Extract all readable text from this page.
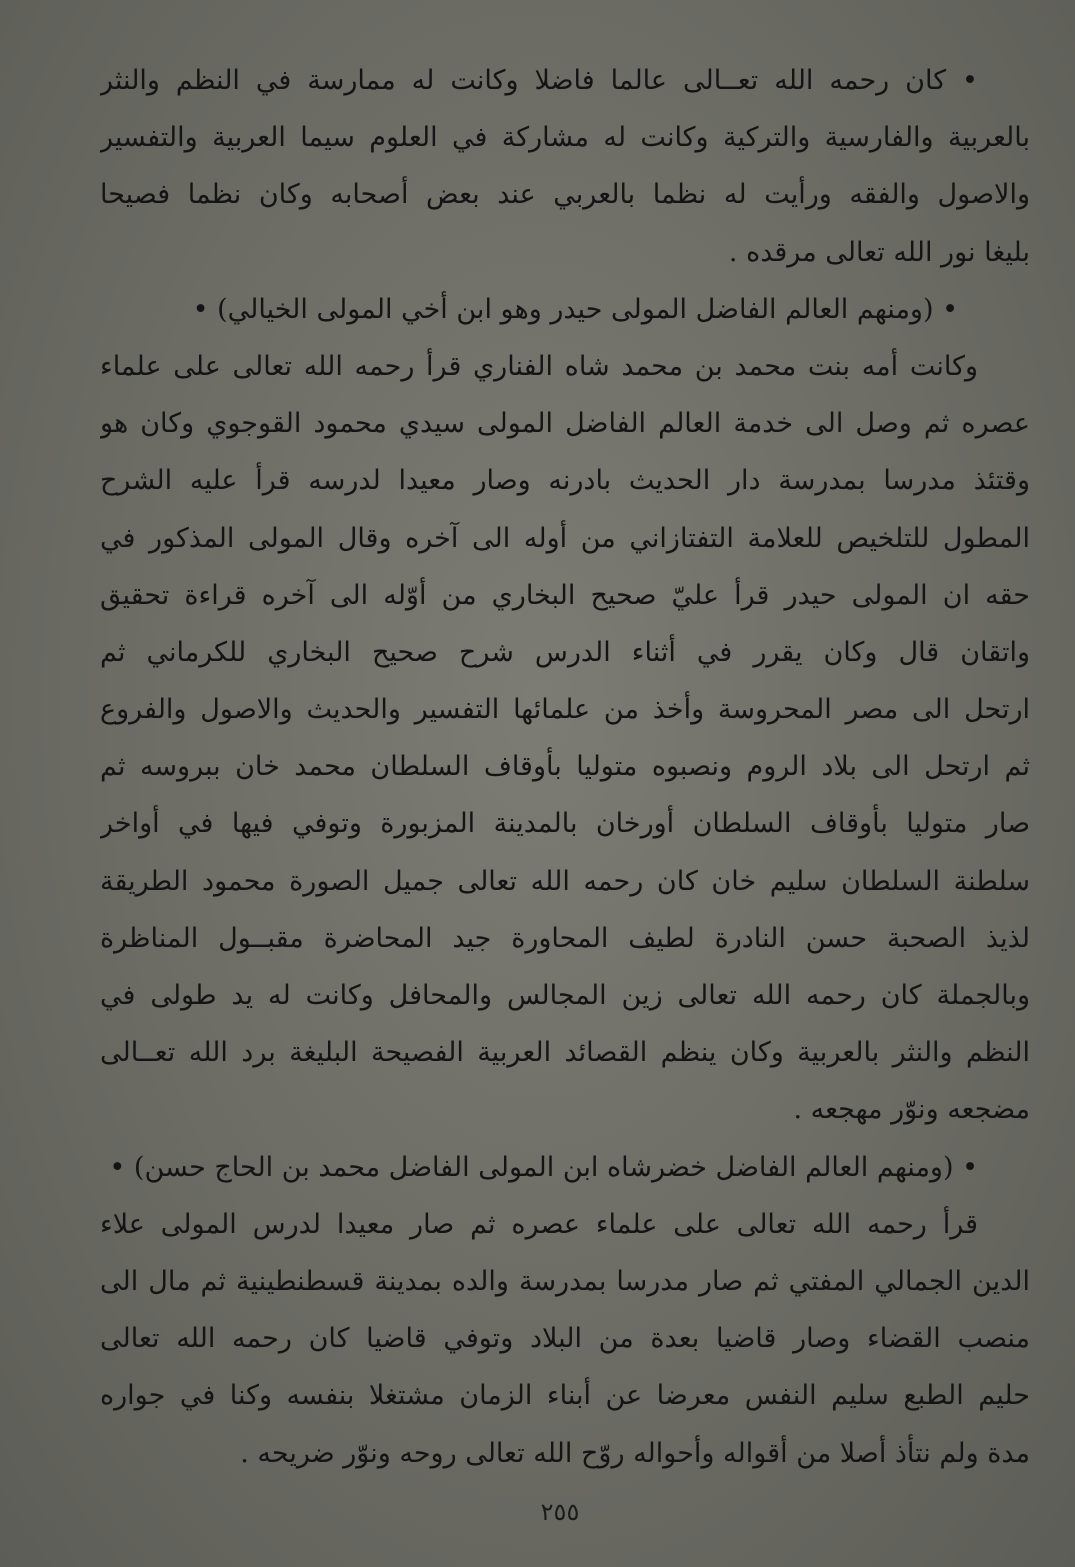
• كان رحمه الله تعــالى عالما فاضلا وكانت له ممارسة في النظم والنثر
بالعربية والفارسية والتركية وكانت له مشاركة في العلوم سيما العربية والتفسير
والاصول والفقه ورأيت له نظما بالعربي عند بعض أصحابه وكان نظما فصيحا
بليغا نور الله تعالى مرقده .
• (ومنهم العالم الفاضل المولى حيدر وهو ابن أخي المولى الخيالي) •
وكانت أمه بنت محمد بن محمد شاه الفناري قرأ رحمه الله تعالى على علماء
عصره ثم وصل الى خدمة العالم الفاضل المولى سيدي محمود القوجوي وكان هو
وقتئذ مدرسا بمدرسة دار الحديث بادرنه وصار معيدا لدرسه قرأ عليه الشرح
المطول للتلخيص للعلامة التفتازاني من أوله الى آخره وقال المولى المذكور في
حقه ان المولى حيدر قرأ عليّ صحيح البخاري من أوّله الى آخره قراءة تحقيق
واتقان قال وكان يقرر في أثناء الدرس شرح صحيح البخاري للكرماني ثم
ارتحل الى مصر المحروسة وأخذ من علمائها التفسير والحديث والاصول والفروع
ثم ارتحل الى بلاد الروم ونصبوه متوليا بأوقاف السلطان محمد خان ببروسه ثم
صار متوليا بأوقاف السلطان أورخان بالمدينة المزبورة وتوفي فيها في أواخر
سلطنة السلطان سليم خان كان رحمه الله تعالى جميل الصورة محمود الطريقة
لذيذ الصحبة حسن النادرة لطيف المحاورة جيد المحاضرة مقبــول المناظرة
وبالجملة كان رحمه الله تعالى زين المجالس والمحافل وكانت له يد طولى في
النظم والنثر بالعربية وكان ينظم القصائد العربية الفصيحة البليغة برد الله تعــالى
مضجعه ونوّر مهجعه .
• (ومنهم العالم الفاضل خضرشاه ابن المولى الفاضل محمد بن الحاج حسن) •
قرأ رحمه الله تعالى على علماء عصره ثم صار معيدا لدرس المولى علاء
الدين الجمالي المفتي ثم صار مدرسا بمدرسة والده بمدينة قسطنطينية ثم مال الى
منصب القضاء وصار قاضيا بعدة من البلاد وتوفي قاضيا كان رحمه الله تعالى
حليم الطبع سليم النفس معرضا عن أبناء الزمان مشتغلا بنفسه وكنا في جواره
مدة ولم نتأذ أصلا من أقواله وأحواله روّح الله تعالى روحه ونوّر ضريحه .
٢٥٥
